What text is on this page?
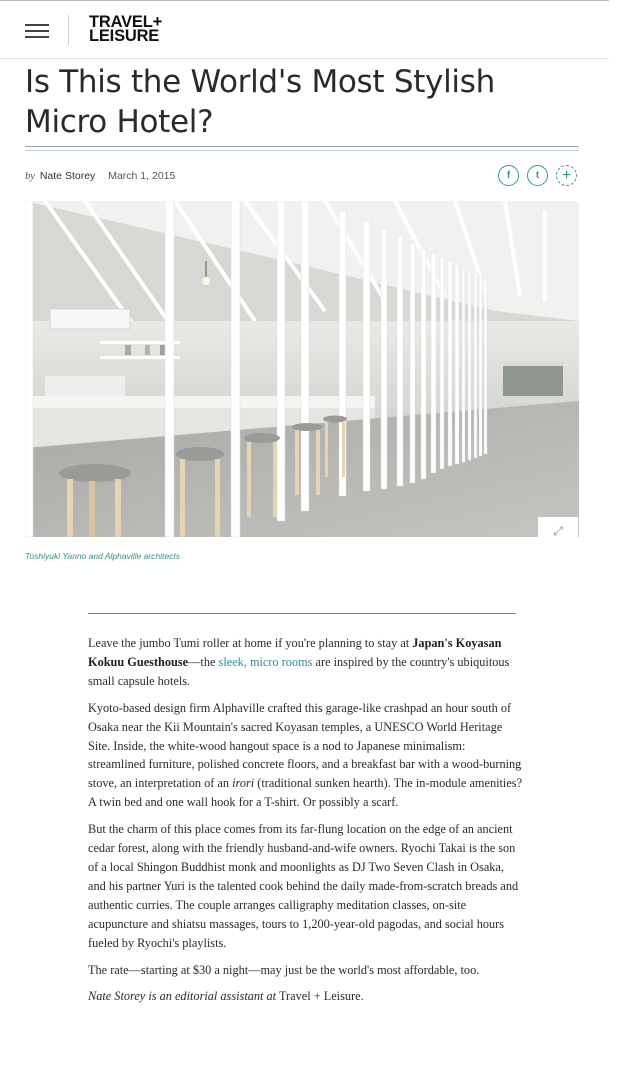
TRAVEL+
LEISURE
Is This the World's Most Stylish Micro Hotel?
by Nate Storey March 1, 2015	f	t +
⤢
Toshiyuki Yanno and Alphaville architects

Leave the jumbo Tumi roller at home if you're planning to stay at Japan's Koyasan Kokuu Guesthouse—the sleek, micro rooms are inspired by the country's ubiquitous small capsule hotels.

Kyoto-based design firm Alphaville crafted this garage-like crashpad an hour south of Osaka near the Kii Mountain's sacred Koyasan temples, a UNESCO World Heritage Site. Inside, the white-wood hangout space is a nod to Japanese minimalism: streamlined furniture, polished concrete floors, and a breakfast bar with a wood-burning stove, an interpretation of an irori (traditional sunken hearth). The in-module amenities? A twin bed and one wall hook for a T-shirt. Or possibly a scarf.

But the charm of this place comes from its far-flung location on the edge of an ancient cedar forest, along with the friendly husband-and-wife owners. Ryochi Takai is the son of a local Shingon Buddhist monk and moonlights as DJ Two Seven Clash in Osaka, and his partner Yuri is the talented cook behind the daily made-from-scratch breads and authentic curries. The couple arranges calligraphy meditation classes, on-site acupuncture and shiatsu massages, tours to 1,200-year-old pagodas, and social hours fueled by Ryochi's playlists.

The rate—starting at $30 a night—may just be the world's most affordable, too.

Nate Storey is an editorial assistant at Travel + Leisure.
